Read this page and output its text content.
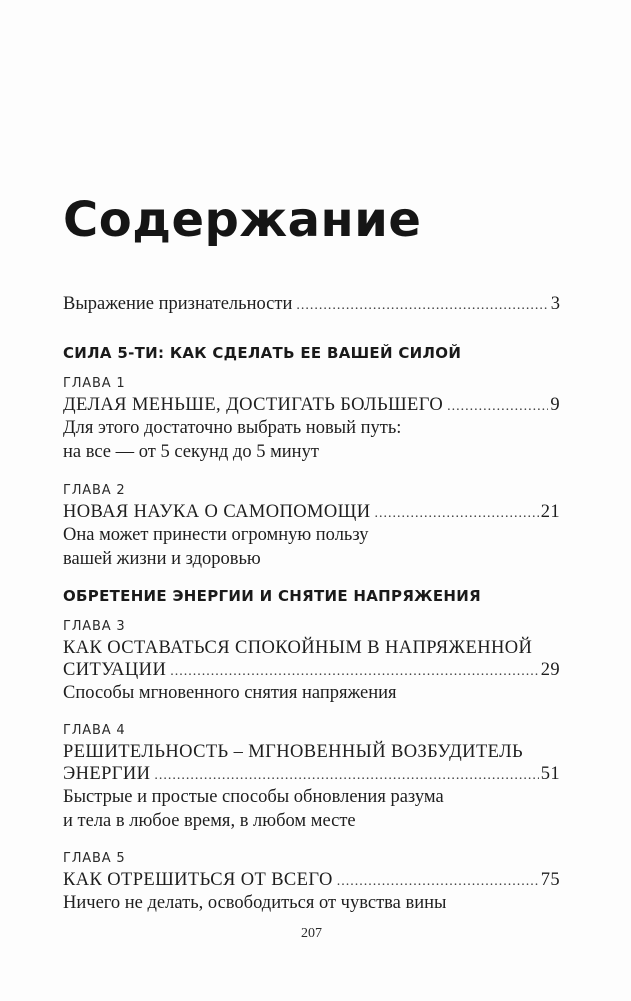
Содержание
Выражение признательности .....	3
СИЛА 5-ТИ: КАК СДЕЛАТЬ ЕЕ ВАШЕЙ СИЛОЙ
ГЛАВА 1
ДЕЛАЯ МЕНЬШЕ, ДОСТИГАТЬ БОЛЬШЕГО .....	9
Для этого достаточно выбрать новый путь:
на все — от 5 секунд до 5 минут
ГЛАВА 2
НОВАЯ НАУКА О САМОПОМОЩИ .....	21
Она может принести огромную пользу
вашей жизни и здоровью
ОБРЕТЕНИЕ ЭНЕРГИИ И СНЯТИЕ НАПРЯЖЕНИЯ
ГЛАВА 3
КАК ОСТАВАТЬСЯ СПОКОЙНЫМ В НАПРЯЖЕННОЙ
СИТУАЦИИ .....	29
Способы мгновенного снятия напряжения
ГЛАВА 4
РЕШИТЕЛЬНОСТЬ – МГНОВЕННЫЙ ВОЗБУДИТЕЛЬ
ЭНЕРГИИ .....	51
Быстрые и простые способы обновления разума
и тела в любое время, в любом месте
ГЛАВА 5
КАК ОТРЕШИТЬСЯ ОТ ВСЕГО .....	75
Ничего не делать, освободиться от чувства вины
207
